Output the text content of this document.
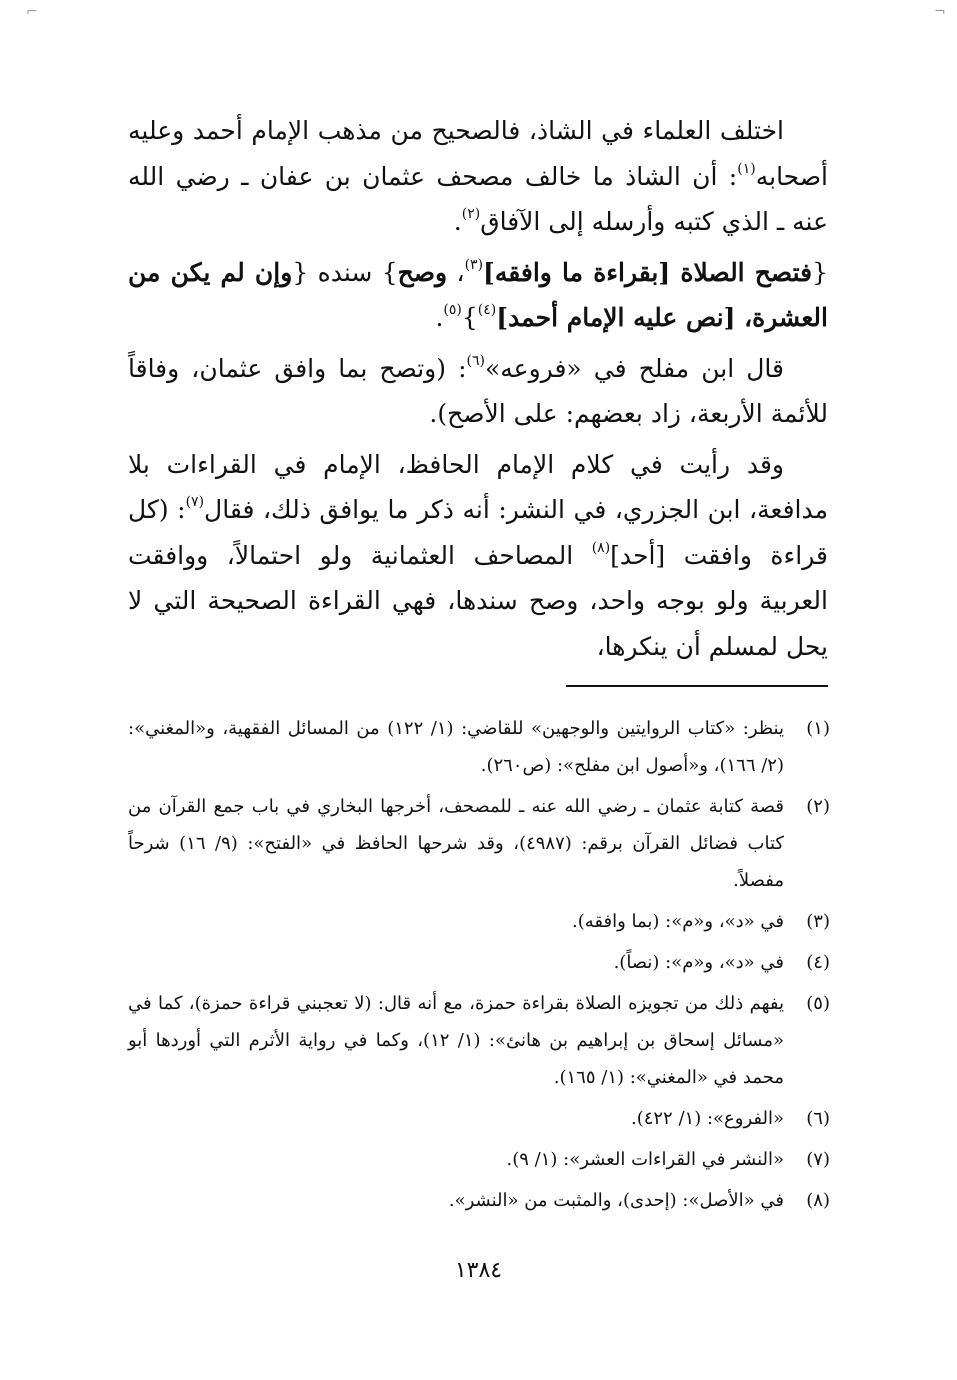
⌐	¬

اختلف العلماء في الشاذ، فالصحيح من مذهب الإمام أحمد وعليه أصحابه$^{(١)}$: أن الشاذ ما خالف مصحف عثمان بن عفان ـ رضي الله عنه ـ الذي كتبه وأرسله إلى الآفاق$^{(٢)}$.

{فتصح الصلاة [بقراءة ما وافقه]$^{(٣)}$، وصح} سنده {وإن لم يكن من العشرة، [نص عليه الإمام أحمد]$^{(٤)}$}$^{(٥)}$.

قال ابن مفلح في «فروعه»$^{(٦)}$: (وتصح بما وافق عثمان، وفاقاً للأئمة الأربعة، زاد بعضهم: على الأصح).

وقد رأيت في كلام الإمام الحافظ، الإمام في القراءات بلا مدافعة، ابن الجزري، في النشر: أنه ذكر ما يوافق ذلك، فقال$^{(٧)}$: (كل قراءة وافقت [أحد]$^{(٨)}$ المصاحف العثمانية ولو احتمالاً، ووافقت العربية ولو بوجه واحد، وصح سندها، فهي القراءة الصحيحة التي لا يحل لمسلم أن ينكرها،

(١)
ينظر: «كتاب الروايتين والوجهين» للقاضي: (١/ ١٢٢) من المسائل الفقهية، و«المغني»: (٢/ ١٦٦)، و«أصول ابن مفلح»: (ص٢٦٠).
(٢)
قصة كتابة عثمان ـ رضي الله عنه ـ للمصحف، أخرجها البخاري في باب جمع القرآن من كتاب فضائل القرآن برقم: (٤٩٨٧)، وقد شرحها الحافظ في «الفتح»: (٩/ ١٦) شرحاً مفصلاً.
(٣)
في «د»، و«م»: (بما وافقه).
(٤)
في «د»، و«م»: (نصاً).
(٥)
يفهم ذلك من تجويزه الصلاة بقراءة حمزة، مع أنه قال: (لا تعجبني قراءة حمزة)، كما في «مسائل إسحاق بن إبراهيم بن هانئ»: (١/ ١٢)، وكما في رواية الأثرم التي أوردها أبو محمد في «المغني»: (١/ ١٦٥).
(٦)
«الفروع»: (١/ ٤٢٢).
(٧)
«النشر في القراءات العشر»: (١/ ٩).
(٨)
في «الأصل»: (إحدى)، والمثبت من «النشر».
١٣٨٤
